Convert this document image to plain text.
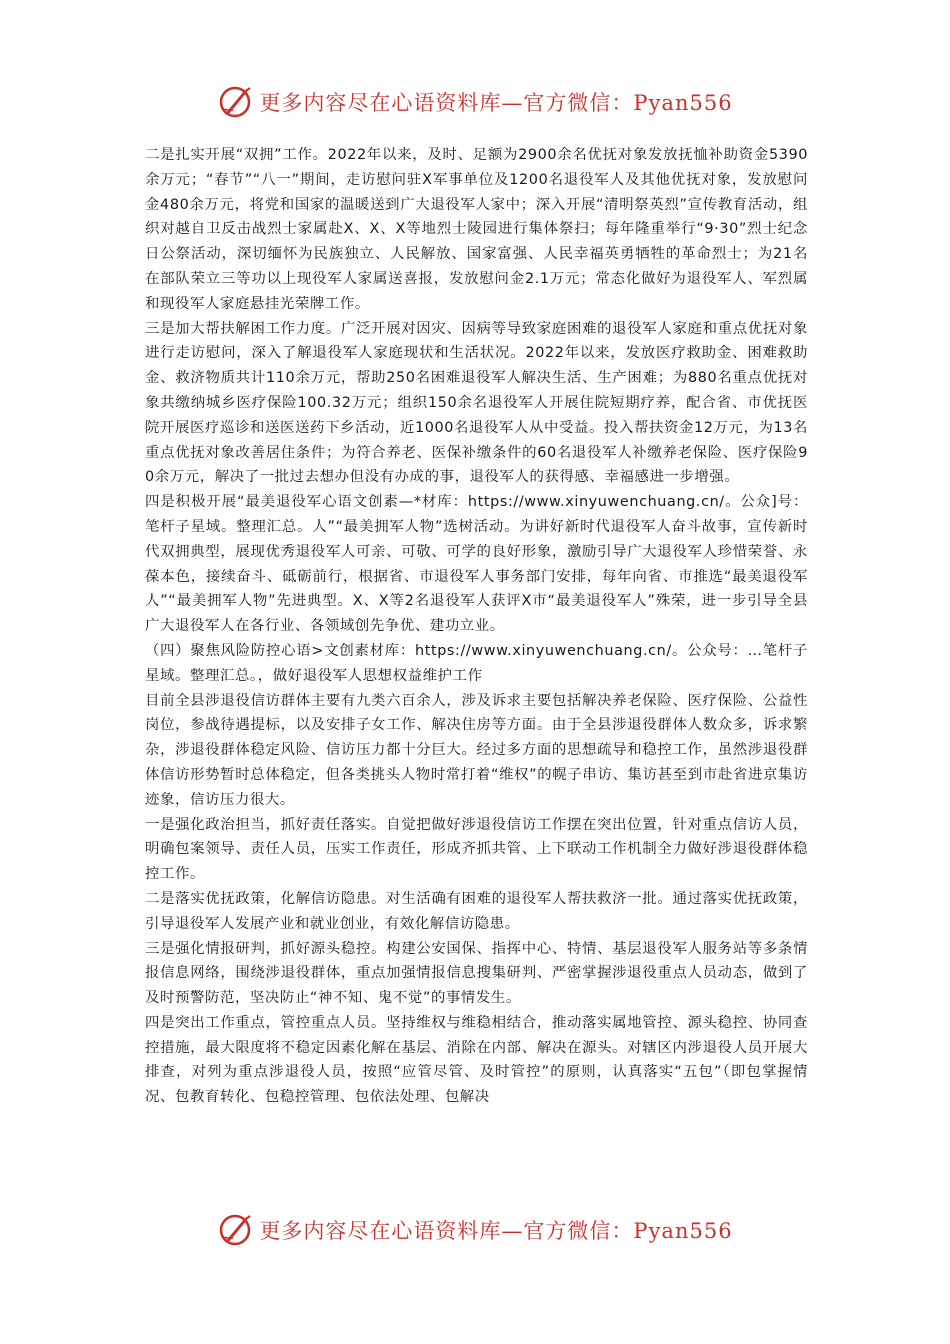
更多内容尽在心语资料库—官方微信：Pyan556

二是扎实开展“双拥”工作。2022年以来，及时、足额为2900余名优抚对象发放抚恤补助资金5390余万元；“春节”“八一”期间，走访慰问驻X军事单位及1200名退役军人及其他优抚对象，发放慰问金480余万元，将党和国家的温暖送到广大退役军人家中；深入开展“清明祭英烈”宣传教育活动，组织对越自卫反击战烈士家属赴X、X、X等地烈士陵园进行集体祭扫；每年隆重举行“9·30”烈士纪念日公祭活动，深切缅怀为民族独立、人民解放、国家富强、人民幸福英勇牺牲的革命烈士；为21名在部队荣立三等功以上现役军人家属送喜报，发放慰问金2.1万元；常态化做好为退役军人、军烈属和现役军人家庭悬挂光荣牌工作。

三是加大帮扶解困工作力度。广泛开展对因灾、因病等导致家庭困难的退役军人家庭和重点优抚对象进行走访慰问，深入了解退役军人家庭现状和生活状况。2022年以来，发放医疗救助金、困难救助金、救济物质共计110余万元，帮助250名困难退役军人解决生活、生产困难；为880名重点优抚对象共缴纳城乡医疗保险100.32万元；组织150余名退役军人开展住院短期疗养，配合省、市优抚医院开展医疗巡诊和送医送药下乡活动，近1000名退役军人从中受益。投入帮扶资金12万元，为13名重点优抚对象改善居住条件；为符合养老、医保补缴条件的60名退役军人补缴养老保险、医疗保险90余万元，解决了一批过去想办但没有办成的事，退役军人的获得感、幸福感进一步增强。

四是积极开展“最美退役军心语文创素—*材库：https://www.xinyuwenchuang.cn/。公众]号：笔杆子星域。整理汇总。人”“最美拥军人物”选树活动。为讲好新时代退役军人奋斗故事，宣传新时代双拥典型，展现优秀退役军人可亲、可敬、可学的良好形象，激励引导广大退役军人珍惜荣誉、永葆本色，接续奋斗、砥砺前行，根据省、市退役军人事务部门安排，每年向省、市推选“最美退役军人”“最美拥军人物”先进典型。X、X等2名退役军人获评X市“最美退役军人”殊荣，进一步引导全县广大退役军人在各行业、各领域创先争优、建功立业。

（四）聚焦风险防控心语>文创素材库：https://www.xinyuwenchuang.cn/。公众号：…笔杆子星域。整理汇总。，做好退役军人思想权益维护工作

目前全县涉退役信访群体主要有九类六百余人，涉及诉求主要包括解决养老保险、医疗保险、公益性岗位，参战待遇提标，以及安排子女工作、解决住房等方面。由于全县涉退役群体人数众多，诉求繁杂，涉退役群体稳定风险、信访压力都十分巨大。经过多方面的思想疏导和稳控工作，虽然涉退役群体信访形势暂时总体稳定，但各类挑头人物时常打着“维权”的幌子串访、集访甚至到市赴省进京集访迹象，信访压力很大。

一是强化政治担当，抓好责任落实。自觉把做好涉退役信访工作摆在突出位置，针对重点信访人员，明确包案领导、责任人员，压实工作责任，形成齐抓共管、上下联动工作机制全力做好涉退役群体稳控工作。

二是落实优抚政策，化解信访隐患。对生活确有困难的退役军人帮扶救济一批。通过落实优抚政策，引导退役军人发展产业和就业创业，有效化解信访隐患。

三是强化情报研判，抓好源头稳控。构建公安国保、指挥中心、特情、基层退役军人服务站等多条情报信息网络，围绕涉退役群体，重点加强情报信息搜集研判、严密掌握涉退役重点人员动态，做到了及时预警防范，坚决防止“神不知、鬼不觉”的事情发生。

四是突出工作重点，管控重点人员。坚持维权与维稳相结合，推动落实属地管控、源头稳控、协同查控措施，最大限度将不稳定因素化解在基层、消除在内部、解决在源头。对辖区内涉退役人员开展大排查，对列为重点涉退役人员，按照“应管尽管、及时管控”的原则，认真落实“五包”（即包掌握情况、包教育转化、包稳控管理、包依法处理、包解决

更多内容尽在心语资料库—官方微信：Pyan556
